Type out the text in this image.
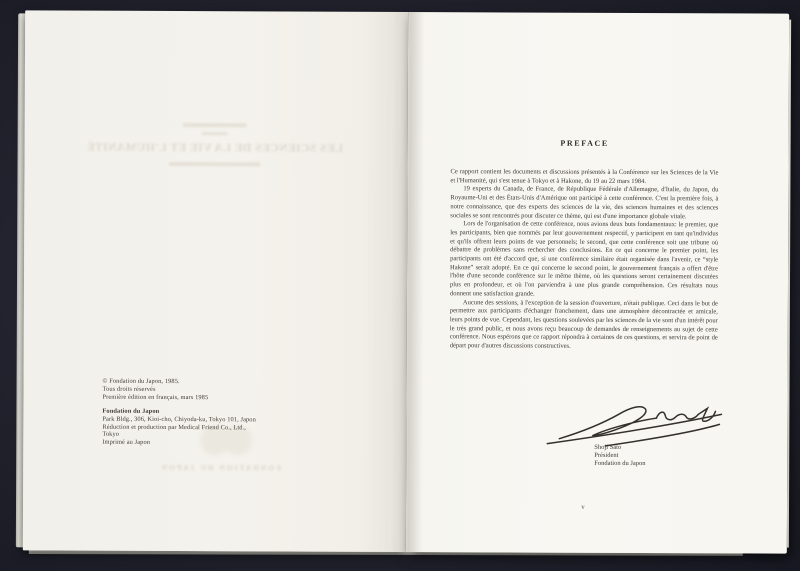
LES SCIENCES DE LA VIE ET L'HUMANITÉ
FONDATION DU JAPON
© Fondation du Japon, 1985.
Tous droits réservés
Première édition en français, mars 1985
Fondation du Japon
Park Bldg., 306, Kioi-cho, Chiyoda-ku, Tokyo 101, Japon
Réduction et production par Medical Friend Co., Ltd.,
Tokyo
Imprimé au Japon
PREFACE

Ce rapport contient les documents et discussions présentés à la Conférence sur les Sciences de la Vie et l'Humanité, qui s'est tenue à Tokyo et à Hakone, du 19 au 22 mars 1984.

19 experts du Canada, de France, de République Fédérale d'Allemagne, d'Italie, du Japon, du Royaume-Uni et des États-Unis d'Amérique ont participé à cette conférence. C'est la première fois, à notre connaissance, que des experts des sciences de la vie, des sciences humaines et des sciences sociales se sont rencontrés pour discuter ce thème, qui est d'une importance globale vitale.

Lors de l'organisation de cette conférence, nous avions deux buts fondamentaux: le premier, que les participants, bien que nommés par leur gouvernement respectif, y participent en tant qu'individus et qu'ils offrent leurs points de vue personnels; le second, que cette conférence soit une tribune où débattre de problèmes sans rechercher des conclusions. En ce qui concerne le premier point, les participants ont été d'accord que, si une conférence similaire était organisée dans l'avenir, ce “style Hakone” serait adopté. En ce qui concerne le second point, le gouvernement français a offert d'être l'hôte d'une seconde conférence sur le même thème, où les questions seront certainement discutées plus en profondeur, et où l'on parviendra à une plus grande compréhension. Ces résultats nous donnent une satisfaction grande.

Aucune des sessions, à l'exception de la session d'ouverture, n'était publique. Ceci dans le but de permettre aux participants d'échanger franchement, dans une atmosphère décontractée et amicale, leurs points de vue. Cependant, les questions soulevées par les sciences de la vie sont d'un intérêt pour le très grand public, et nous avons reçu beaucoup de demandes de renseignements au sujet de cette conférence. Nous espérons que ce rapport répondra à certaines de ces questions, et servira de point de départ pour d'autres discussions constructives.

Shoji Sato
Président
Fondation du Japon
v
